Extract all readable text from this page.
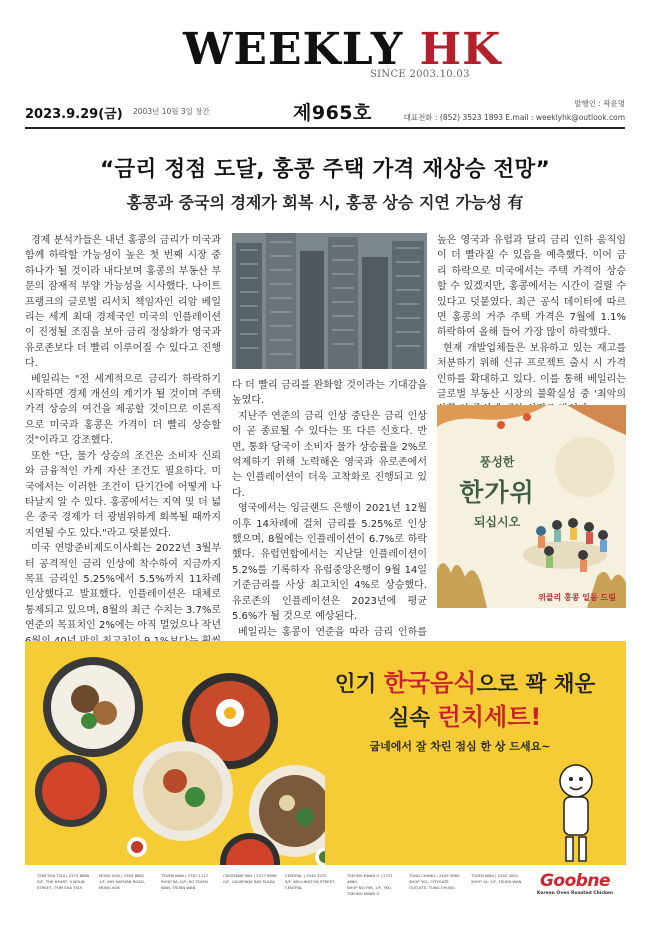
WEEKLY HK
SINCE 2003.10.03
2023.9.29(금) 2003년 10월 3일 창간	제965호	발행인 : 곽윤명
대표전화 : (852) 3523 1893 E.mail : weeklyhk@outlook.com
“금리 정점 도달, 홍콩 주택 가격 재상승 전망”
홍콩과 중국의 경제가 회복 시, 홍콩 상승 지연 가능성 有

경제 분석가들은 내년 홍콩의 금리가 미국과 함께 하락할 가능성이 높은 첫 번째 시장 중 하나가 될 것이라 내다보며 홍콩의 부동산 부문의 잠재적 부양 가능성을 시사했다. 나이트 프랭크의 글로벌 리서치 책임자인 리암 베일리는 세계 최대 경제국인 미국의 인플레이션이 진정될 조짐을 보아 금리 정상화가 영국과 유로존보다 더 빨리 이루어질 수 있다고 진행다.

베일리는 "전 세계적으로 금리가 하락하기 시작하면 경제 개선의 계기가 될 것이며 주택 가격 상승의 여건을 제공할 것이므로 이론적으로 미국과 홍콩은 가격이 더 빨리 상승할 것"이라고 강조했다.

또한 "단, 물가 상승의 조건은 소비자 신뢰와 금융적인 가계 자산 조건도 필요하다. 미국에서는 이러한 조건이 단기간에 어떻게 나타날지 알 수 있다. 홍콩에서는 지역 및 더 넓은 중국 경제가 더 광범위하게 회복될 때까지 지연될 수도 있다."라고 덧붙였다.

미국 연방준비제도이사회는 2022년 3월부터 공격적인 금리 인상에 착수하여 지금까지 목표 금리인 5.25%에서 5.5%까지 11차례 인상했다고 발표했다. 인플레이션은 대체로 통제되고 있으며, 8월의 최근 수치는 3.7%로 연준의 목표치인 2%에는 아직 멀었으나 작년

다 더 빨리 금리를 완화할 것이라는 기대감을 높였다.

지난주 연준의 금리 인상 중단은 금리 인상이 곧 종료될 수 있다는 또 다른 신호다. 반면, 통화 당국이 소비자 물가 상승률을 2%로 억제하기 위해 노력해온 영국과 유로존에서는 인플레이션이 더욱 고착화로 진행되고 있다.

영국에서는 잉글랜드 은행이 2021년 12월 이후 14차례에 걸쳐 금리를 5.25%로 인상했으며, 8월에는 인플레이션이 6.7%로 하락했다. 유럽연합에서는 지난달 인플레이션이 5.2%를 기록하자 유럽중앙은행이 9월 14일 기준금리를 사상 최고치인 4%로 상승했다. 유로존의 인플레이션은 2023년에 평균 5.6%가 될 것으로 예상된다.

베일리는 홍콩이 연준을 따라 금리 인하를

높은 영국과 유럽과 달리 금리 인하 움직임이 더 빨라질 수 있음을 예측했다. 이어 금리 하락으로 미국에서는 주택 가격이 상승할 수 있겠지만, 홍콩에서는 시간이 걸릴 수 있다고 덧붙였다. 최근 공식 데이터에 따르면 홍콩의 거주 주택 가격은 7월에 1.1% 하락하여 올해 들어 가장 많이 하락했다.

현재 개발업체들은 보유하고 있는 재고를 처분하기 위해 신규 프로젝트 출시 시 가격 인하를 확대하고 있다. 이를 통해 베일리는 글로벌 부동산 시장의 불확실성 중 '최악의

풍성한
한가위
되십시오
위클리 홍콩 일동 드림
인기 한국음식으로 꽉 채운
실속 런치세트!
굽네에서 잘 차린 점심 한 상 드세요~
TSIM SHA TSUI | 2375 8888
G/F, THE HEART, 9 NOUN STREET, TSIM SHA TSUI
MONG KOK | 2394 8882
1/F, 695 NATHAN ROAD, MONG KOK
TSUEN WAN | 2787 1117
SHOP 9A, G/F, 80 TSUEN WAN, TSUEN WAN
CAUSEWAY BAY | 2577 8996
G/F, CAUSEWAY BAY PLAZA
CENTRAL | 2545 3225
9/F, WELLINGTON STREET, CENTRAL
TSEUNG KWAN O | 2751 4860
SHOP NO.F56, 1/F, TKO, TSEUNG KWAN O
TUNG CHUNG | 2409 3080
SHOP 301, CITYGATE OUTLETS, TUNG CHUNG
TSUEN WAN | 2452 4001
SHOP 1A, 1/F, TSUEN WAN	Goobne
Korean Oven Roasted Chicken
